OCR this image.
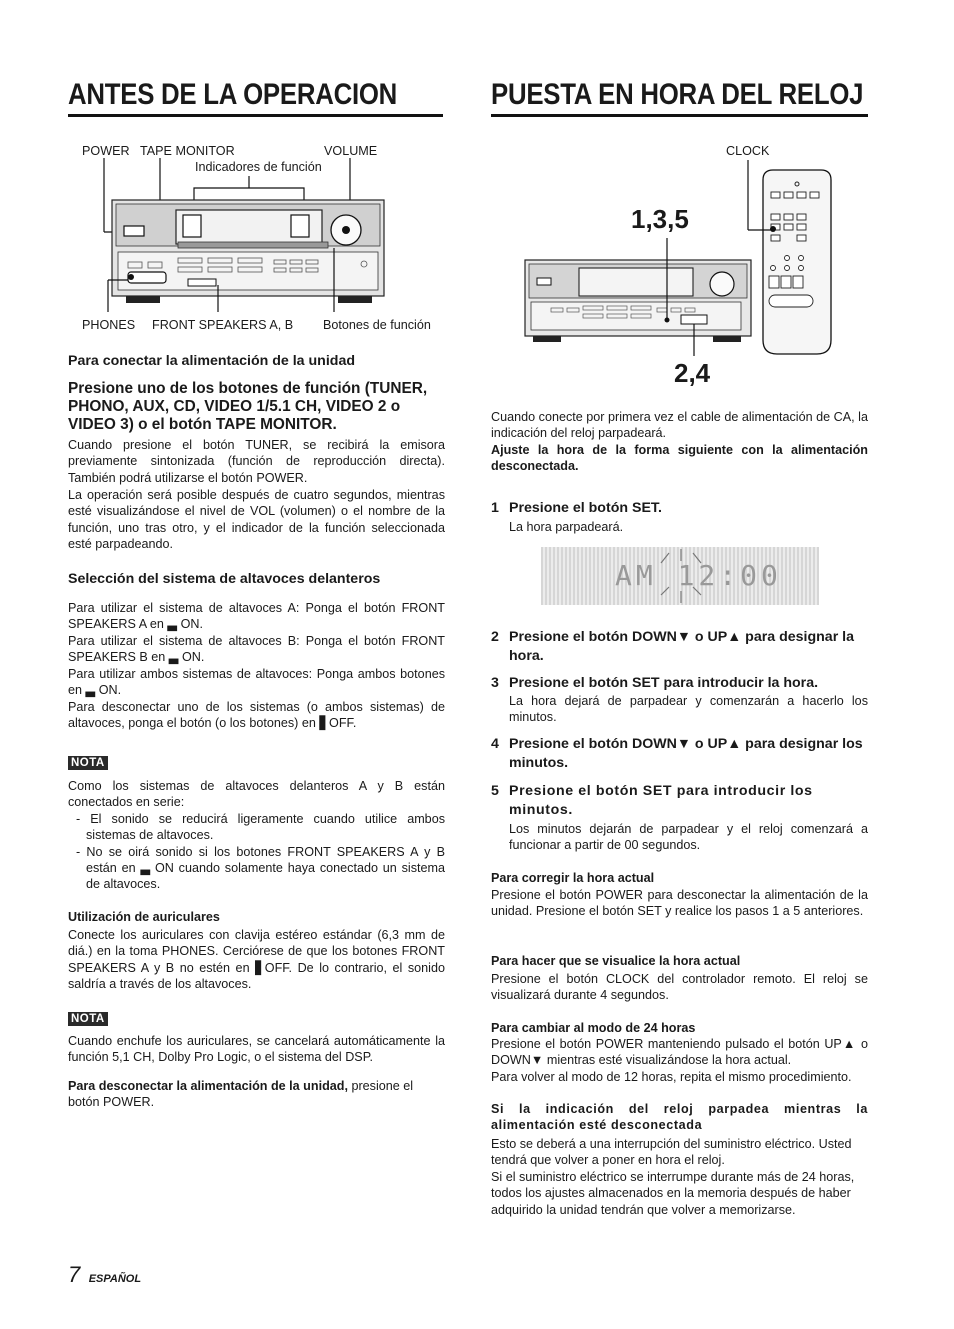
ANTES DE LA OPERACION
POWER TAPE MONITOR	VOLUME
Indicadores de función
PHONES FRONT SPEAKERS A, B Botones de función
Para conectar la alimentación de la unidad
Presione uno de los botones de función (TUNER, PHONO, AUX, CD, VIDEO 1/5.1 CH, VIDEO 2 o VIDEO 3) o el botón TAPE MONITOR.
Cuando presione el botón TUNER, se recibirá la emisora previamente sintonizada (función de reproducción directa). También podrá utilizarse el botón POWER.
La operación será posible después de cuatro segundos, mientras esté visualizándose el nivel de VOL (volumen) o el nombre de la función, uno tras otro, y el indicador de la función seleccionada esté parpadeando.
Selección del sistema de altavoces delanteros
Para utilizar el sistema de altavoces A: Ponga el botón FRONT SPEAKERS A en ▃ ON.
Para utilizar el sistema de altavoces B: Ponga el botón FRONT SPEAKERS B en ▃ ON.
Para utilizar ambos sistemas de altavoces: Ponga ambos botones en ▃ ON.
Para desconectar uno de los sistemas (o ambos sistemas) de altavoces, ponga el botón (o los botones) en ▋OFF.
NOTA
Como los sistemas de altavoces delanteros A y B están conectados en serie:
- El sonido se reducirá ligeramente cuando utilice ambos sistemas de altavoces.
- No se oirá sonido si los botones FRONT SPEAKERS A y B están en ▃ ON cuando solamente haya conectado un sistema de altavoces.
Utilización de auriculares
Conecte los auriculares con clavija estéreo estándar (6,3 mm de diá.) en la toma PHONES. Cerciórese de que los botones FRONT SPEAKERS A y B no estén en ▋OFF. De lo contrario, el sonido saldría a través de los altavoces.
NOTA
Cuando enchufe los auriculares, se cancelará automáticamente la función 5,1 CH, Dolby Pro Logic, o el sistema del DSP.
Para desconectar la alimentación de la unidad, presione el botón POWER.
PUESTA EN HORA DEL RELOJ
CLOCK
1,3,5
2,4
Cuando conecte por primera vez el cable de alimentación de CA, la indicación del reloj parpadeará.
Ajuste la hora de la forma siguiente con la alimentación desconectada.
1 Presione el botón SET.
La hora parpadeará.
AM 12:00
2 Presione el botón DOWN▼ o UP▲ para designar la hora.
3 Presione el botón SET para introducir la hora.
La hora dejará de parpadear y comenzarán a hacerlo los minutos.
4 Presione el botón DOWN▼ o UP▲ para designar los minutos.
5 Presione el botón SET para introducir los minutos.
Los minutos dejarán de parpadear y el reloj comenzará a funcionar a partir de 00 segundos.
Para corregir la hora actual
Presione el botón POWER para desconectar la alimentación de la unidad. Presione el botón SET y realice los pasos 1 a 5 anteriores.
Para hacer que se visualice la hora actual
Presione el botón CLOCK del controlador remoto. El reloj se visualizará durante 4 segundos.
Para cambiar al modo de 24 horas
Presione el botón POWER manteniendo pulsado el botón UP▲ o DOWN▼ mientras esté visualizándose la hora actual.
Para volver al modo de 12 horas, repita el mismo procedimiento.
Si la indicación del reloj parpadea mientras la alimentación esté desconectada
Esto se deberá a una interrupción del suministro eléctrico. Usted tendrá que volver a poner en hora el reloj.
Si el suministro eléctrico se interrumpe durante más de 24 horas, todos los ajustes almacenados en la memoria después de haber adquirido la unidad tendrán que volver a memorizarse.
7 ESPAÑOL
